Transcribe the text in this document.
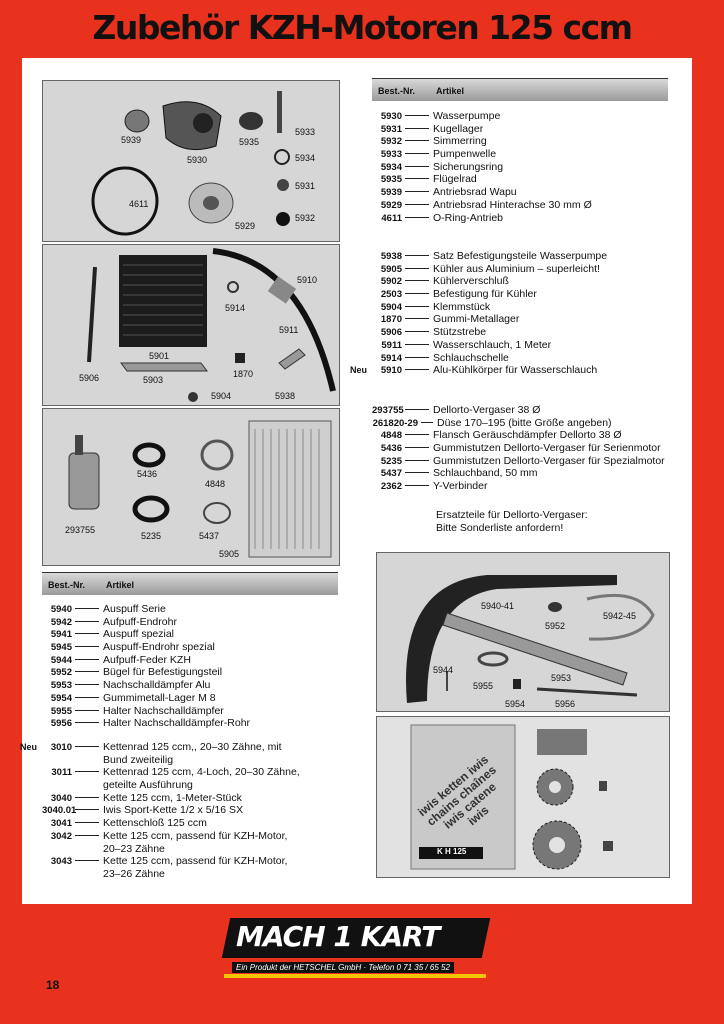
Zubehör KZH-Motoren 125 ccm
5939
5930
5935
5933
5934
5931
4611
5929
5932
5910
5914
5911
5901
5906	5903
1870
5904	5938
5436
4848
293755
5235	5437
5905
Best.-Nr. Artikel
5930	Wasserpumpe
5931	Kugellager
5932	Simmerring
5933	Pumpenwelle
5934	Sicherungsring
5935	Flügelrad
5939	Antriebsrad Wapu
5929	Antriebsrad Hinterachse 30 mm Ø
4611	O-Ring-Antrieb
5938	Satz Befestigungsteile Wasserpumpe
5905	Kühler aus Aluminium – superleicht!
5902	Kühlerverschluß
2503	Befestigung für Kühler
5904	Klemmstück
1870	Gummi-Metallager
5906	Stützstrebe
5911	Wasserschlauch, 1 Meter
5914	Schlauchschelle
Neu	5910	Alu-Kühlkörper für Wasserschlauch
293755	Dellorto-Vergaser 38 Ø
261820-29 Düse 170–195 (bitte Größe angeben)
4848	Flansch Geräuschdämpfer Dellorto 38 Ø
5436	Gummistutzen Dellorto-Vergaser für Serienmotor
5235	Gummistutzen Dellorto-Vergaser für Spezialmotor
5437	Schlauchband, 50 mm
2362	Y-Verbinder
Ersatzteile für Dellorto-Vergaser:
Bitte Sonderliste anfordern!
5940-41
5952
5942-45
5944
5955
5953
5954	5956
iwis ketten iwis chains chaînes iwis catene iwis
K H 125
Best.-Nr. Artikel
5940	Auspuff Serie
5942	Aufpuff-Endrohr
5941	Auspuff spezial
5945	Auspuff-Endrohr spezial
5944	Aufpuff-Feder KZH
5952	Bügel für Befestigungsteil
5953	Nachschalldämpfer Alu
5954	Gummimetall-Lager M 8
5955	Halter Nachschalldämpfer
5956	Halter Nachschalldämpfer-Rohr
Neu	3010	Kettenrad 125 ccm,, 20–30 Zähne, mit Bund zweiteilig
3011	Kettenrad 125 ccm, 4-Loch, 20–30 Zähne, geteilte Ausführung
3040	Kette 125 ccm, 1-Meter-Stück
3040.01	Iwis Sport-Kette 1/2 x 5/16 SX
3041	Kettenschloß 125 ccm
3042	Kette 125 ccm, passend für KZH-Motor, 20–23 Zähne
3043	Kette 125 ccm, passend für KZH-Motor, 23–26 Zähne
MACH 1 KART
Ein Produkt der HETSCHEL GmbH · Telefon 0 71 35 / 65 52
18
